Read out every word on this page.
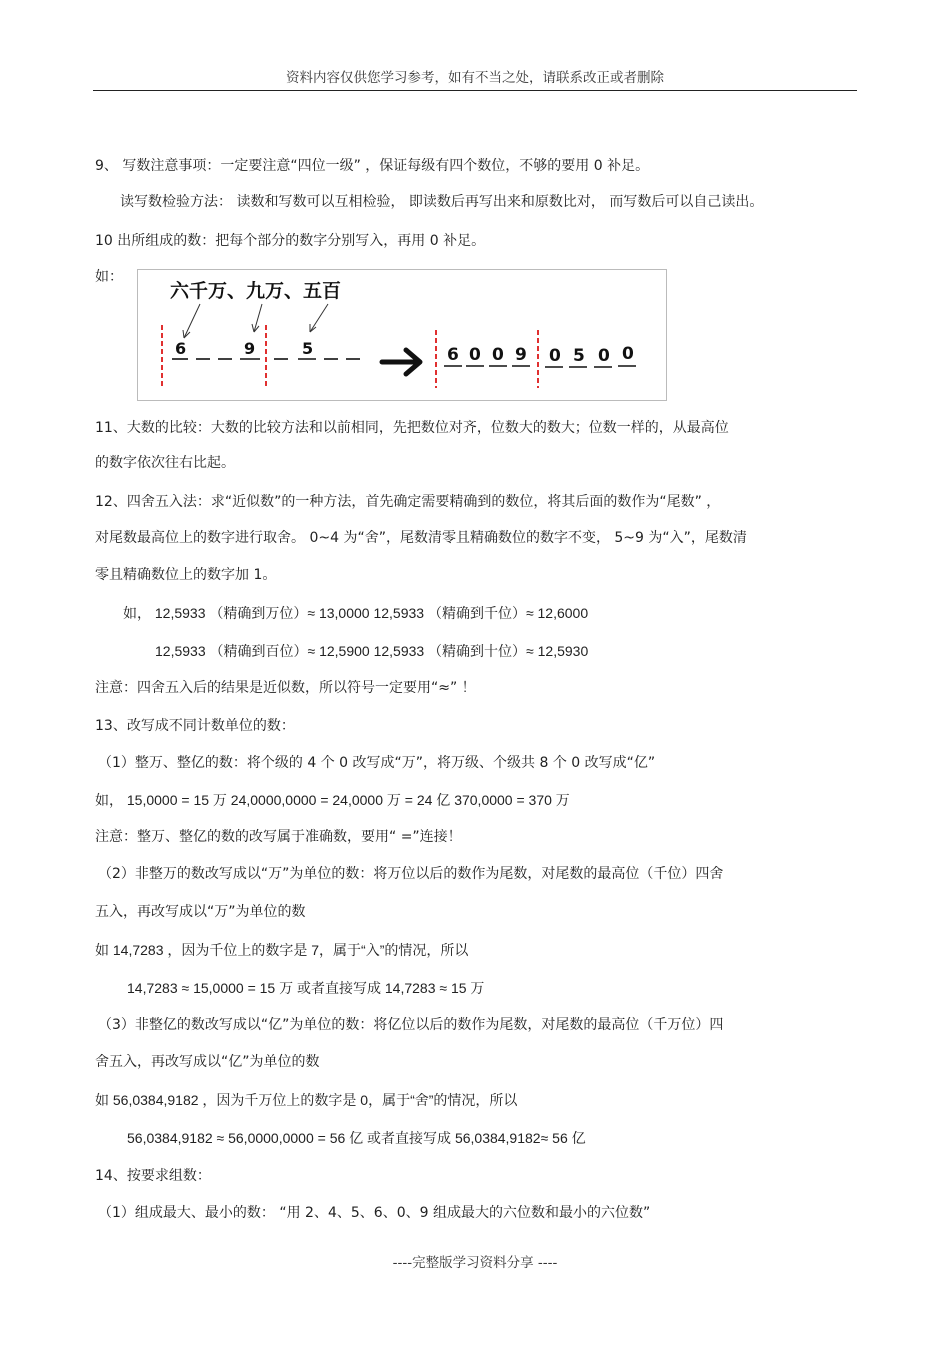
资料内容仅供您学习参考，如有不当之处，请联系改正或者删除
9、 写数注意事项：一定要注意“四位一级” ，保证每级有四个数位，不够的要用 0 补足。
读写数检验方法： 读数和写数可以互相检验， 即读数后再写出来和原数比对， 而写数后可以自己读出。
10 出所组成的数：把每个部分的数字分别写入，再用 0 补足。
如：
六千万、九万、五百
6	9	5	6 0 0 9 0 5 0 0
11、大数的比较：大数的比较方法和以前相同，先把数位对齐，位数大的数大；位数一样的，从最高位
的数字依次往右比起。
12、四舍五入法：求“近似数”的一种方法，首先确定需要精确到的数位，将其后面的数作为“尾数” ，
对尾数最高位上的数字进行取舍。 0~4 为“舍”，尾数清零且精确数位的数字不变， 5~9 为“入”，尾数清
零且精确数位上的数字加 1。
如， 12,5933 （精确到万位）≈ 13,0000 12,5933 （精确到千位）≈ 12,6000
12,5933 （精确到百位）≈ 12,5900 12,5933 （精确到十位）≈ 12,5930
注意：四舍五入后的结果是近似数，所以符号一定要用“≈” ！
13、改写成不同计数单位的数：
（1）整万、整亿的数：将个级的 4 个 0 改写成“万”，将万级、个级共 8 个 0 改写成“亿”
如， 15,0000 = 15 万 24,0000,0000 = 24,0000 万 = 24 亿 370,0000 = 370 万
注意：整万、整亿的数的改写属于准确数，要用“ =”连接！
（2）非整万的数改写成以“万”为单位的数：将万位以后的数作为尾数，对尾数的最高位（千位）四舍
五入，再改写成以“万”为单位的数
如 14,7283 ，因为千位上的数字是 7，属于“入”的情况，所以
14,7283 ≈ 15,0000 = 15 万 或者直接写成 14,7283 ≈ 15 万
（3）非整亿的数改写成以“亿”为单位的数：将亿位以后的数作为尾数，对尾数的最高位（千万位）四
舍五入，再改写成以“亿”为单位的数
如 56,0384,9182 ，因为千万位上的数字是 0，属于“舍”的情况，所以
56,0384,9182 ≈ 56,0000,0000 = 56 亿 或者直接写成 56,0384,9182≈ 56 亿
14、按要求组数：
（1）组成最大、最小的数： “用 2、4、5、6、0、9 组成最大的六位数和最小的六位数”
----完整版学习资料分享 ----
